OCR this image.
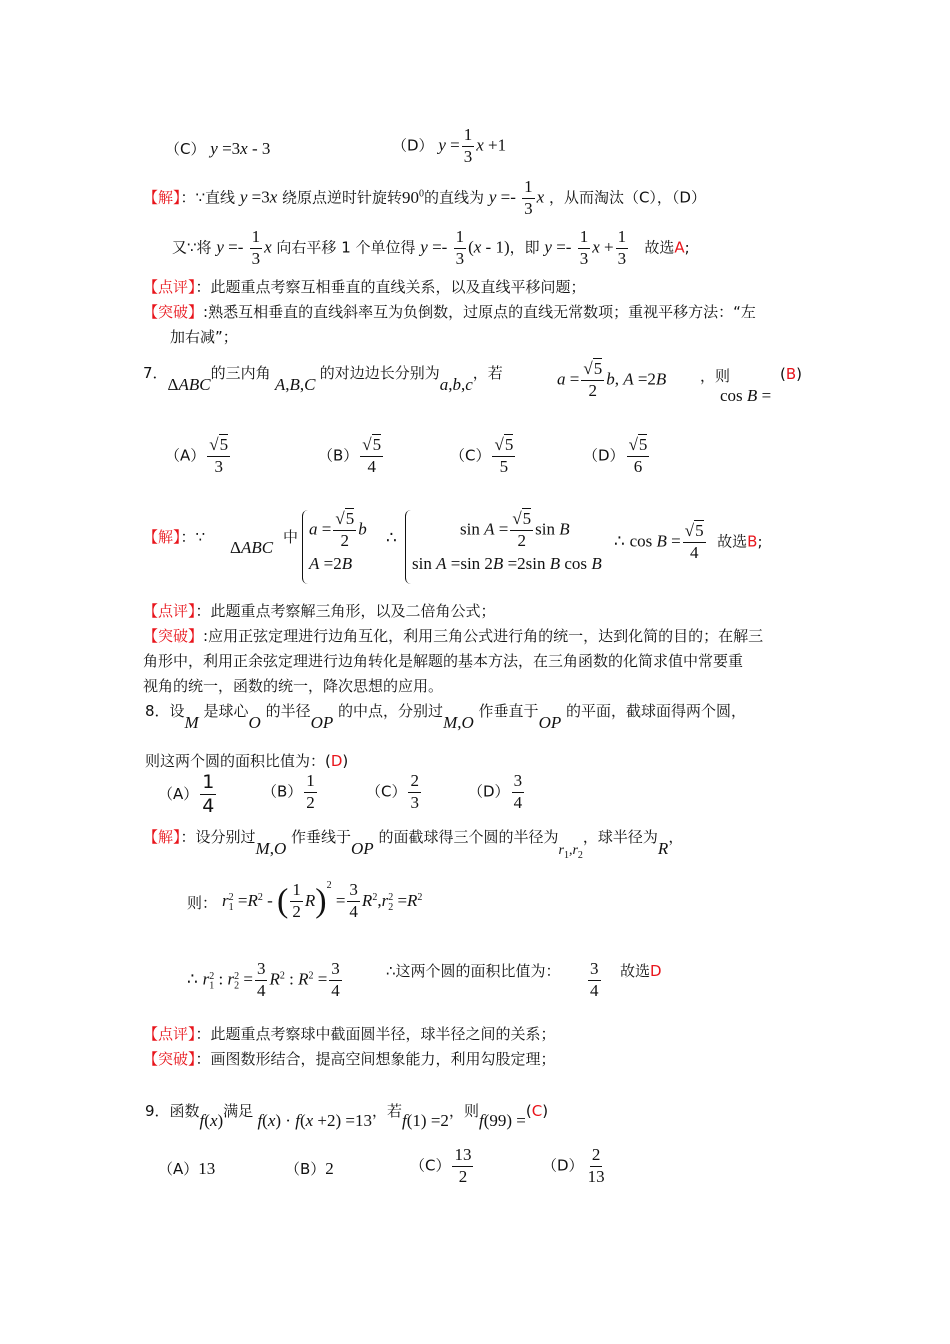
（C） y =3x - 3	（D） $y = \frac{1}{3}$ x +1
【解】：∵直线 y =3x 绕原点逆时针旋转$90^0$的直线为 $y =- \frac{1}{3}$ x ，从而淘汰（C），（D）
又∵将 $y =- \frac{1}{3}$ x 向右平移 1 个单位得 $y =- \frac{1}{3} (x - 1)$，即 $y =- \frac{1}{3}$ $x + \frac{1}{3}$ 故选A;
【点评】：此题重点考察互相垂直的直线关系，以及直线平移问题；
【突破】:熟悉互相垂直的直线斜率互为负倒数，过原点的直线无常数项；重视平移方法：“左
加右减”；
7．ΔABC的三内角 A,B,C 的对边边长分别为a,b,c，若	$a = \frac{√5}{2} b$, A =2B ，则
cos B =
(B)
$(A) \frac{√5}{3}$	$(B) \frac{√5}{4}$	$(C) \frac{√5}{5}$	$(D) \frac{√5}{6}$
【解】：∵
ΔABC
中 $a = \frac{√5}{2}$ b
A =2B
∴	$\sin A = \frac{√5}{2}$ sin B
sin A =sin 2B =2sin B cos B
∴ $\cos B = \frac{√5}{4}$ 故选B;
【点评】：此题重点考察解三角形，以及二倍角公式；
【突破】:应用正弦定理进行边角互化，利用三角公式进行角的统一，达到化简的目的；在解三
角形中，利用正余弦定理进行边角转化是解题的基本方法，在三角函数的化简求值中常要重
视角的统一，函数的统一，降次思想的应用。
8．设M 是球心O 的半径OP 的中点，分别过M,O 作垂直于OP 的平面，截球面得两个圆，
则这两个圆的面积比值为：(D)
$(A) \frac{1}{4}$	$(B) \frac{1}{2}$	$(C) \frac{2}{3}$	$(D) \frac{3}{4}$
【解】：设分别过M,O 作垂线于OP 的面截球得三个圆的半径为$r_1,r_2$，球半径为R，
则： $r_1^2 =R^2$ - ( $\frac{1}{2} R)^2 = \frac{3}{4} R^2,r_2^2 =R^2$
∴ $r_1^2$ : $r_2^2 = \frac{3}{4} R^2$ : $R^2 = \frac{3}{4}$	∴这两个圆的面积比值为： $\frac{3}{4}$ 故选D
【点评】：此题重点考察球中截面圆半径，球半径之间的关系；
【突破】：画图数形结合，提高空间想象能力，利用勾股定理；
9．函数f(x)满足 f(x) · f(x +2) =13，若f(1) =2，则f(99) =(C)
（A）13	（B）2	$(C) \frac{13}{2}$	$(D) \frac{2}{13}$
